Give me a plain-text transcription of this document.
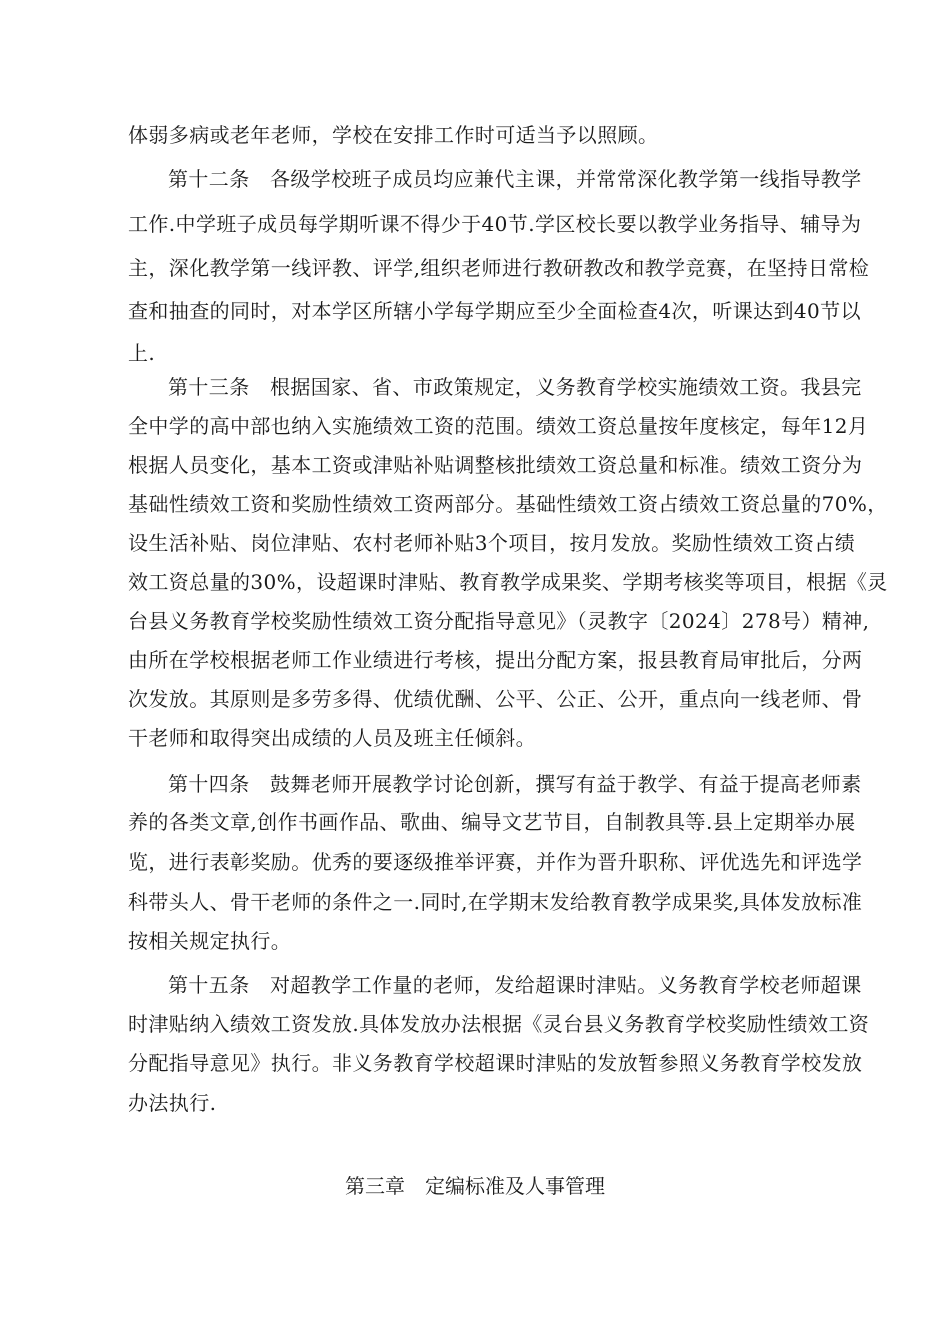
体弱多病或老年老师，学校在安排工作时可适当予以照顾。
第十二条　各级学校班子成员均应兼代主课，并常常深化教学第一线指导教学
工作.中学班子成员每学期听课不得少于40节.学区校长要以教学业务指导、辅导为
主，深化教学第一线评教、评学,组织老师进行教研教改和教学竞赛，在坚持日常检
查和抽查的同时，对本学区所辖小学每学期应至少全面检查4次，听课达到40节以
上.
第十三条　根据国家、省、市政策规定，义务教育学校实施绩效工资。我县完
全中学的高中部也纳入实施绩效工资的范围。绩效工资总量按年度核定，每年12月
根据人员变化，基本工资或津贴补贴调整核批绩效工资总量和标准。绩效工资分为
基础性绩效工资和奖励性绩效工资两部分。基础性绩效工资占绩效工资总量的70%，
设生活补贴、岗位津贴、农村老师补贴3个项目，按月发放。奖励性绩效工资占绩
效工资总量的30%，设超课时津贴、教育教学成果奖、学期考核奖等项目，根据《灵
台县义务教育学校奖励性绩效工资分配指导意见》（灵教字〔2024〕278号）精神,
由所在学校根据老师工作业绩进行考核，提出分配方案，报县教育局审批后，分两
次发放。其原则是多劳多得、优绩优酬、公平、公正、公开，重点向一线老师、骨
干老师和取得突出成绩的人员及班主任倾斜。
第十四条　鼓舞老师开展教学讨论创新，撰写有益于教学、有益于提高老师素
养的各类文章,创作书画作品、歌曲、编导文艺节目，自制教具等.县上定期举办展
览，进行表彰奖励。优秀的要逐级推举评赛，并作为晋升职称、评优选先和评选学
科带头人、骨干老师的条件之一.同时,在学期末发给教育教学成果奖,具体发放标准
按相关规定执行。
第十五条　对超教学工作量的老师，发给超课时津贴。义务教育学校老师超课
时津贴纳入绩效工资发放.具体发放办法根据《灵台县义务教育学校奖励性绩效工资
分配指导意见》执行。非义务教育学校超课时津贴的发放暂参照义务教育学校发放
办法执行.
第三章　定编标准及人事管理
